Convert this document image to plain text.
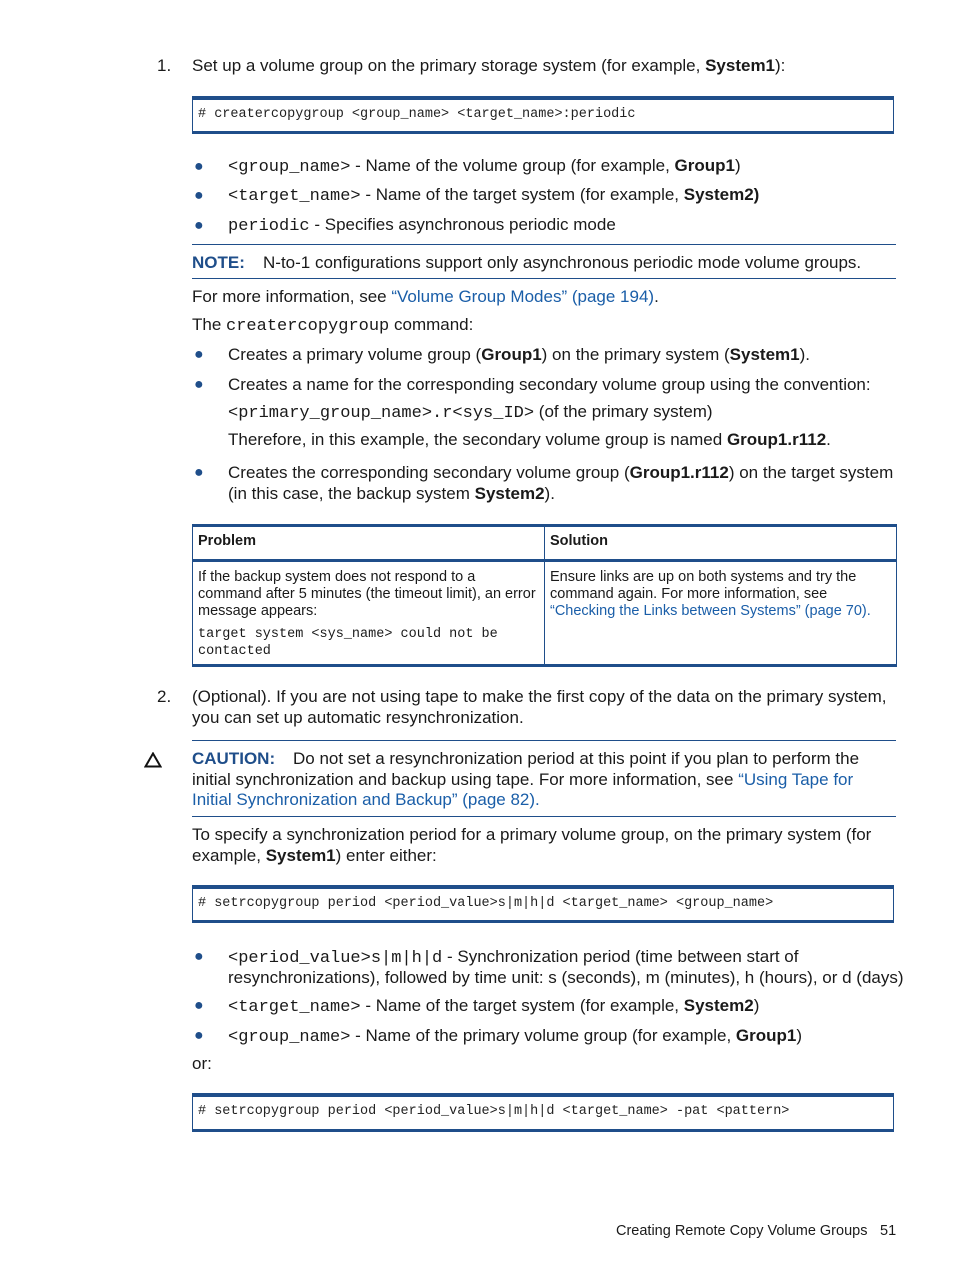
1. Set up a volume group on the primary storage system (for example, System1):
# creatercopygroup <group_name> <target_name>:periodic
● <group_name> - Name of the volume group (for example, Group1)
● <target_name> - Name of the target system (for example, System2)
● periodic - Specifies asynchronous periodic mode
NOTE: N-to-1 configurations support only asynchronous periodic mode volume groups.
For more information, see “Volume Group Modes” (page 194).
The creatercopygroup command:
● Creates a primary volume group (Group1) on the primary system (System1).
● Creates a name for the corresponding secondary volume group using the convention:
<primary_group_name>.r<sys_ID> (of the primary system)
Therefore, in this example, the secondary volume group is named Group1.r112.
● Creates the corresponding secondary volume group (Group1.r112) on the target system
(in this case, the backup system System2).
Problem	Solution

If the backup system does not respond to a command after 5 minutes (the timeout limit), an error message appears:
target system <sys_name> could not be contacted	Ensure links are up on both systems and try the command again. For more information, see “Checking the Links between Systems” (page 70).
2. (Optional). If you are not using tape to make the first copy of the data on the primary system,
you can set up automatic resynchronization.
CAUTION: Do not set a resynchronization period at this point if you plan to perform the
initial synchronization and backup using tape. For more information, see “Using Tape for
Initial Synchronization and Backup” (page 82).
To specify a synchronization period for a primary volume group, on the primary system (for
example, System1) enter either:
# setrcopygroup period <period_value>s|m|h|d <target_name> <group_name>
● <period_value>s|m|h|d - Synchronization period (time between start of
resynchronizations), followed by time unit: s (seconds), m (minutes), h (hours), or d (days)
● <target_name> - Name of the target system (for example, System2)
● <group_name> - Name of the primary volume group (for example, Group1)
or:
# setrcopygroup period <period_value>s|m|h|d <target_name> -pat <pattern>
Creating Remote Copy Volume Groups 51
